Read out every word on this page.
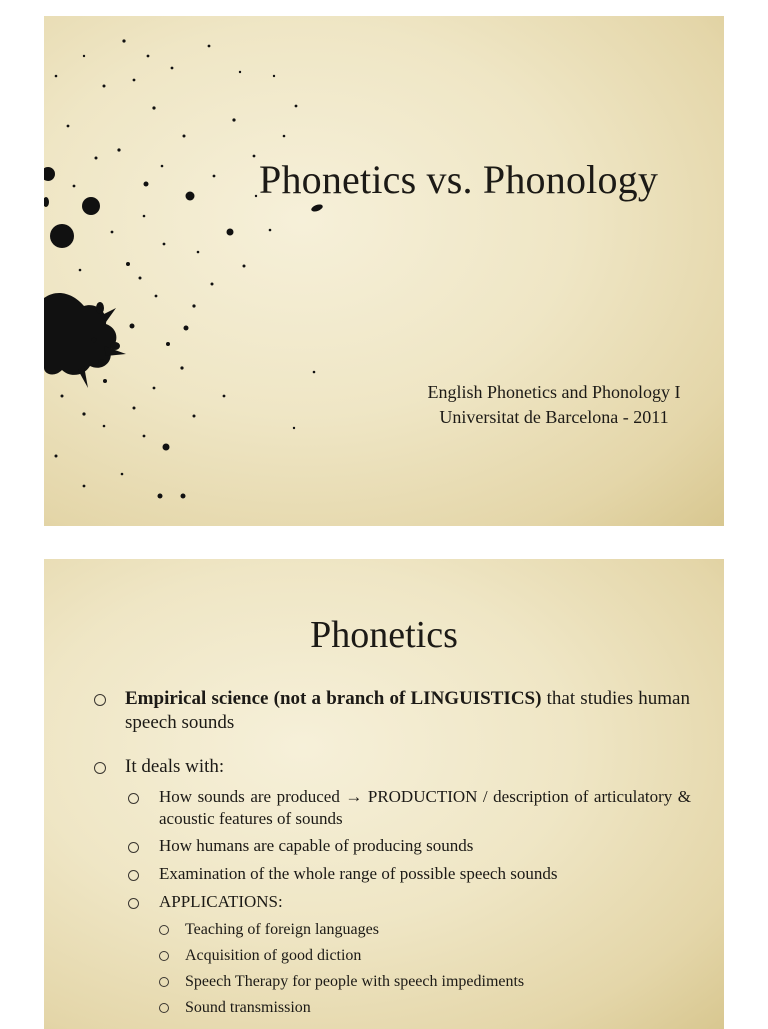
Phonetics vs. Phonology
English Phonetics and Phonology I
Universitat de Barcelona - 2011
Phonetics
Empirical science (not a branch of LINGUISTICS) that studies human speech sounds
It deals with:
How sounds are produced → PRODUCTION / description of articulatory & acoustic features of sounds
How humans are capable of producing sounds
Examination of the whole range of possible speech sounds
APPLICATIONS:
Teaching of foreign languages
Acquisition of good diction
Speech Therapy for people with speech impediments
Sound transmission
